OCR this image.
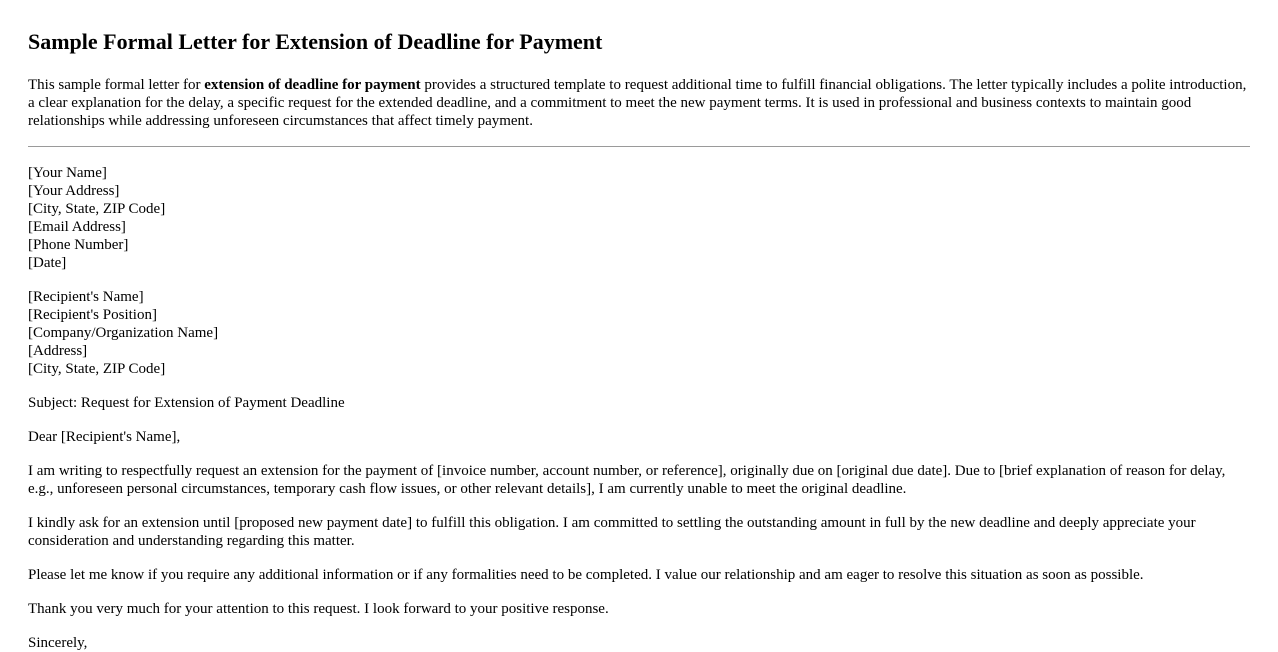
Sample Formal Letter for Extension of Deadline for Payment

This sample formal letter for extension of deadline for payment provides a structured template to request additional time to fulfill financial obligations. The letter typically includes a polite introduction, a clear explanation for the delay, a specific request for the extended deadline, and a commitment to meet the new payment terms. It is used in professional and business contexts to maintain good relationships while addressing unforeseen circumstances that affect timely payment.

[Your Name]
[Your Address]
[City, State, ZIP Code]
[Email Address]
[Phone Number]
[Date]
[Recipient's Name]
[Recipient's Position]
[Company/Organization Name]
[Address]
[City, State, ZIP Code]
Subject: Request for Extension of Payment Deadline
Dear [Recipient's Name],
I am writing to respectfully request an extension for the payment of [invoice number, account number, or reference], originally due on [original due date]. Due to [brief explanation of reason for delay, e.g., unforeseen personal circumstances, temporary cash flow issues, or other relevant details], I am currently unable to meet the original deadline.
I kindly ask for an extension until [proposed new payment date] to fulfill this obligation. I am committed to settling the outstanding amount in full by the new deadline and deeply appreciate your consideration and understanding regarding this matter.
Please let me know if you require any additional information or if any formalities need to be completed. I value our relationship and am eager to resolve this situation as soon as possible.
Thank you very much for your attention to this request. I look forward to your positive response.
Sincerely,
